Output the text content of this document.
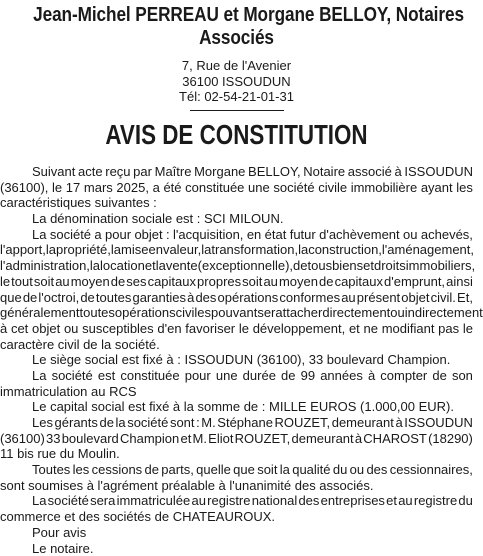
Jean-Michel PERREAU et Morgane BELLOY, Notaires
Associés
7, Rue de l'Avenier
36100 ISSOUDUN
Tél: 02-54-21-01-31
AVIS DE CONSTITUTION
Suivant acte reçu par Maître Morgane BELLOY, Notaire associé à ISSOUDUN
(36100), le 17 mars 2025, a été constituée une société civile immobilière ayant les
caractéristiques suivantes :
La dénomination sociale est : SCI MILOUN.
La société a pour objet : l'acquisition, en état futur d'achèvement ou achevés,
l'apport, la propriété, la mise en valeur, la transformation, la construction, l'aménagement,
l'administration, la location et la vente (exceptionnelle), de tous biens et droits immobiliers,
le tout soit au moyen de ses capitaux propres soit au moyen de capitaux d'emprunt, ainsi
que de l'octroi, de toutes garanties à des opérations conformes au présent objet civil. Et,
généralement toutes opérations civiles pouvant se rattacher directement ou indirectement
à cet objet ou susceptibles d'en favoriser le développement, et ne modifiant pas le
caractère civil de la société.
Le siège social est fixé à : ISSOUDUN (36100), 33 boulevard Champion.
La société est constituée pour une durée de 99 années à compter de son
immatriculation au RCS
Le capital social est fixé à la somme de : MILLE EUROS (1.000,00 EUR).
Les gérants de la société sont : M. Stéphane ROUZET, demeurant à ISSOUDUN
(36100) 33 boulevard Champion et M. Eliot ROUZET, demeurant à CHAROST (18290)
11 bis rue du Moulin.
Toutes les cessions de parts, quelle que soit la qualité du ou des cessionnaires,
sont soumises à l'agrément préalable à l'unanimité des associés.
La société sera immatriculée au registre national des entreprises et au registre du
commerce et des sociétés de CHATEAUROUX.
Pour avis
Le notaire.
